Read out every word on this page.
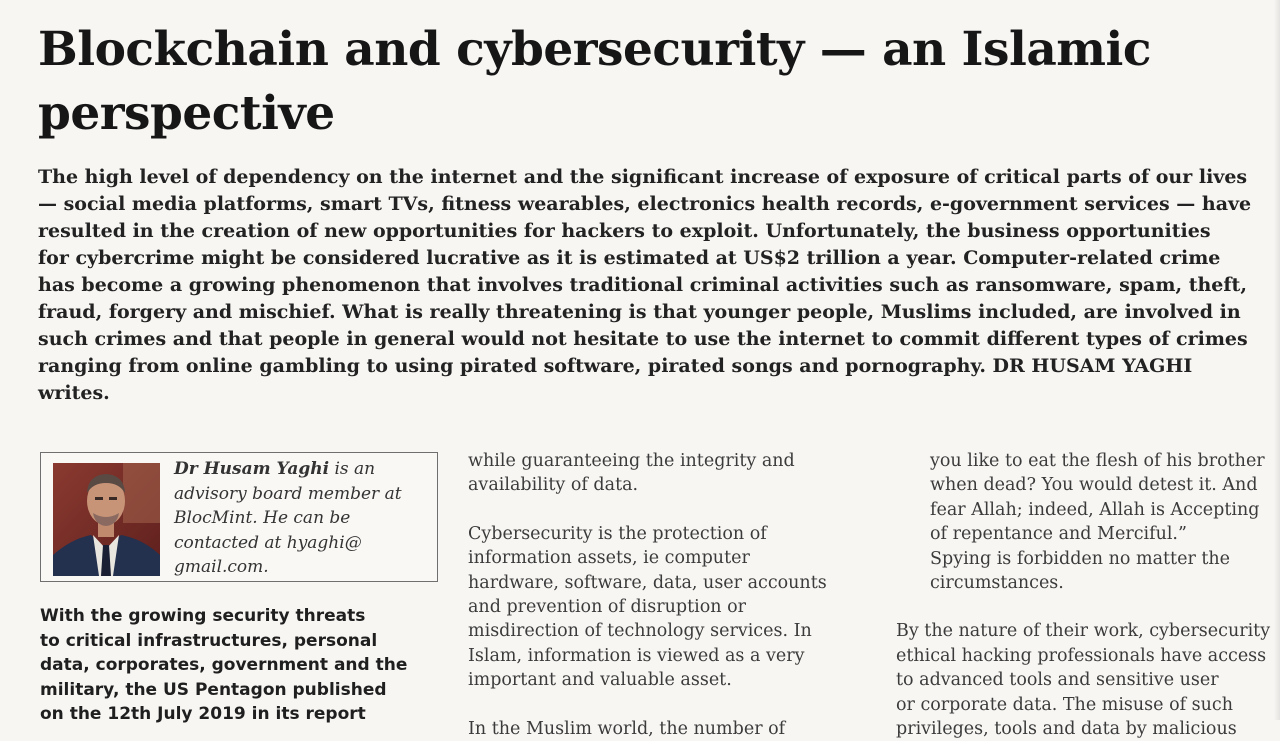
Blockchain and cybersecurity — an Islamic
perspective
The high level of dependency on the internet and the significant increase of exposure of critical parts of our lives
— social media platforms, smart TVs, fitness wearables, electronics health records, e-government services — have
resulted in the creation of new opportunities for hackers to exploit. Unfortunately, the business opportunities
for cybercrime might be considered lucrative as it is estimated at US$2 trillion a year. Computer-related crime
has become a growing phenomenon that involves traditional criminal activities such as ransomware, spam, theft,
fraud, forgery and mischief. What is really threatening is that younger people, Muslims included, are involved in
such crimes and that people in general would not hesitate to use the internet to commit different types of crimes
ranging from online gambling to using pirated software, pirated songs and pornography. DR HUSAM YAGHI
writes.
Dr Husam Yaghi is an
advisory board member at
BlocMint. He can be
contacted at hyaghi@
gmail.com.
With the growing security threats
to critical infrastructures, personal
data, corporates, government and the
military, the US Pentagon published
on the 12th July 2019 in its report
while guaranteeing the integrity and
availability of data.
Cybersecurity is the protection of
information assets, ie computer
hardware, software, data, user accounts
and prevention of disruption or
misdirection of technology services. In
Islam, information is viewed as a very
important and valuable asset.
In the Muslim world, the number of
you like to eat the flesh of his brother
when dead? You would detest it. And
fear Allah; indeed, Allah is Accepting
of repentance and Merciful.”
Spying is forbidden no matter the
circumstances.
By the nature of their work, cybersecurity
ethical hacking professionals have access
to advanced tools and sensitive user
or corporate data. The misuse of such
privileges, tools and data by malicious
